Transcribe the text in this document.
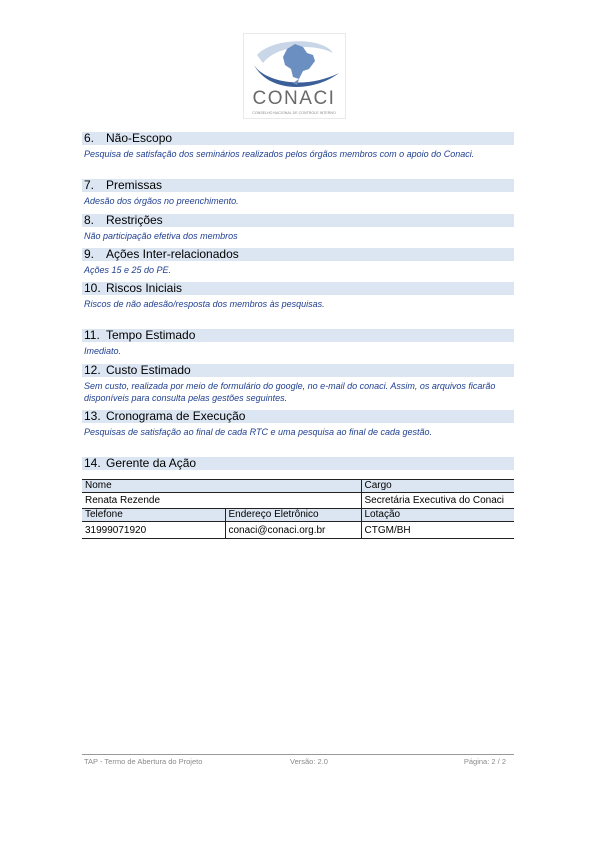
CONACI
CONSELHO NACIONAL DE CONTROLE INTERNO
6. Não-Escopo
Pesquisa de satisfação dos seminários realizados pelos órgãos membros com o apoio do Conaci.
7. Premissas
Adesão dos órgãos no preenchimento.
8. Restrições
Não participação efetiva dos membros
9. Ações Inter-relacionados
Ações 15 e 25 do PE.
10. Riscos Iniciais
Riscos de não adesão/resposta dos membros às pesquisas.
11. Tempo Estimado
Imediato.
12. Custo Estimado
Sem custo, realizada por meio de formulário do google, no e-mail do conaci. Assim, os arquivos ficarão disponíveis para consulta pelas gestões seguintes.
13. Cronograma de Execução
Pesquisas de satisfação ao final de cada RTC e uma pesquisa ao final de cada gestão.
14. Gerente da Ação
Nome		Cargo
Renata Rezende		Secretária Executiva do Conaci
Telefone	Endereço Eletrônico	Lotação
31999071920	conaci@conaci.org.br	CTGM/BH
TAP - Termo de Abertura do Projeto	Versão: 2.0	Página: 2 / 2
